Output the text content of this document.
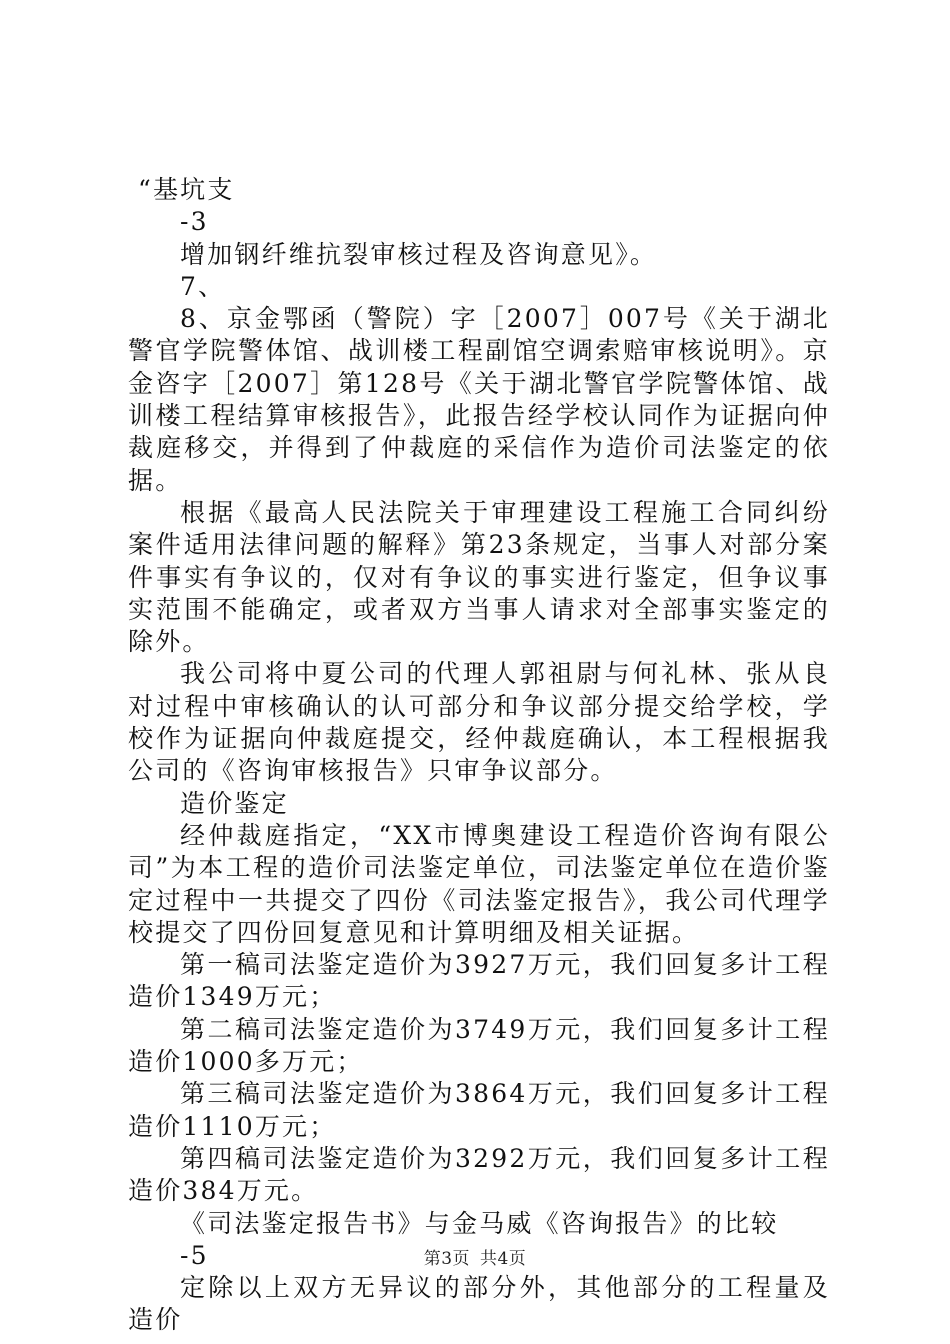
“基坑支

-3

增加钢纤维抗裂审核过程及咨询意见》。

7、

8、京金鄂函（警院）字［2007］007号《关于湖北警官学院警体馆、战训楼工程副馆空调索赔审核说明》。京金咨字［2007］第128号《关于湖北警官学院警体馆、战训楼工程结算审核报告》，此报告经学校认同作为证据向仲裁庭移交，并得到了仲裁庭的采信作为造价司法鉴定的依据。

根据《最高人民法院关于审理建设工程施工合同纠纷案件适用法律问题的解释》第23条规定，当事人对部分案件事实有争议的，仅对有争议的事实进行鉴定，但争议事实范围不能确定，或者双方当事人请求对全部事实鉴定的除外。

我公司将中夏公司的代理人郭祖尉与何礼林、张从良对过程中审核确认的认可部分和争议部分提交给学校，学校作为证据向仲裁庭提交，经仲裁庭确认，本工程根据我公司的《咨询审核报告》只审争议部分。

造价鉴定

经仲裁庭指定，“XX市博奥建设工程造价咨询有限公司”为本工程的造价司法鉴定单位，司法鉴定单位在造价鉴定过程中一共提交了四份《司法鉴定报告》，我公司代理学校提交了四份回复意见和计算明细及相关证据。

第一稿司法鉴定造价为3927万元，我们回复多计工程造价1349万元；

第二稿司法鉴定造价为3749万元，我们回复多计工程造价1000多万元；

第三稿司法鉴定造价为3864万元，我们回复多计工程造价1110万元；

第四稿司法鉴定造价为3292万元，我们回复多计工程造价384万元。

《司法鉴定报告书》与金马威《咨询报告》的比较

-5

定除以上双方无异议的部分外，其他部分的工程量及造价

第3页 共4页
